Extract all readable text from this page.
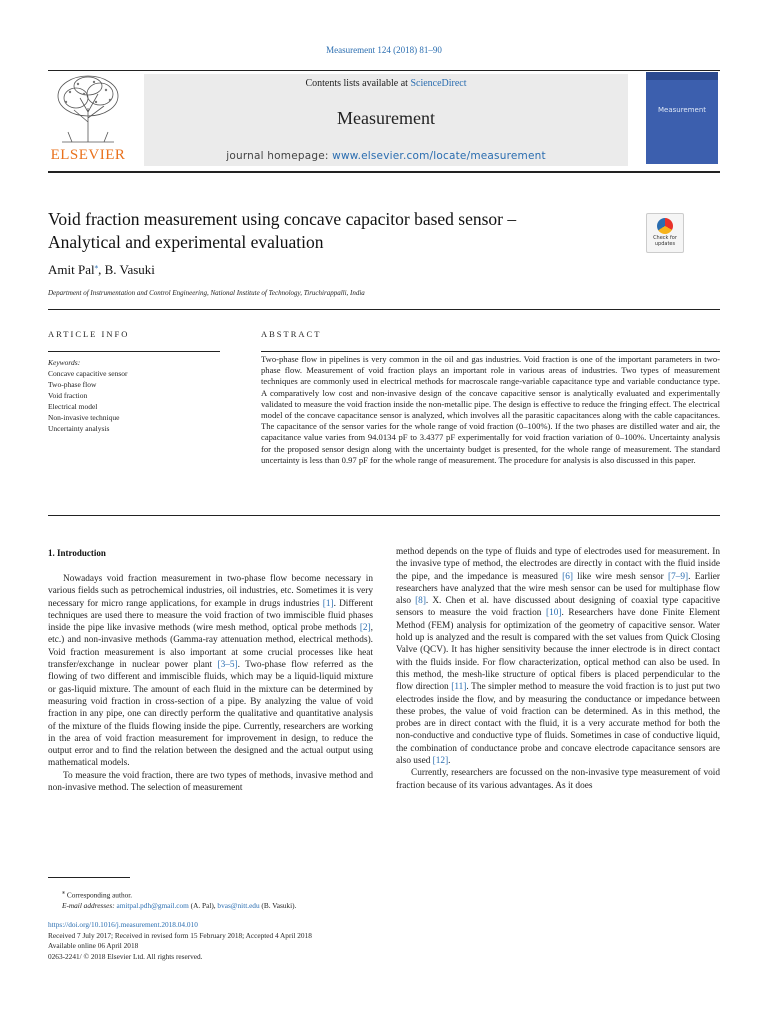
Measurement 124 (2018) 81–90
ELSEVIER
Contents lists available at ScienceDirect
Measurement
journal homepage: www.elsevier.com/locate/measurement
Measurement
Void fraction measurement using concave capacitor based sensor –
Analytical and experimental evaluation	Check for updates
Amit Pal⁎, B. Vasuki
Department of Instrumentation and Control Engineering, National Institute of Technology, Tiruchirappalli, India
ARTICLE INFO	ABSTRACT
Keywords:
Concave capacitive sensor
Two-phase flow
Void fraction
Electrical model
Non-invasive technique
Uncertainty analysis
Two-phase flow in pipelines is very common in the oil and gas industries. Void fraction is one of the important parameters in two-phase flow. Measurement of void fraction plays an important role in various areas of industries. Two types of measurement techniques are commonly used in electrical methods for macroscale range-variable capacitance type and variable conductance type. A comparatively low cost and non-invasive design of the concave capacitive sensor is analytically evaluated and experimentally validated to measure the void fraction inside the non-metallic pipe. The design is effective to reduce the fringing effect. The electrical model of the concave capacitance sensor is analyzed, which involves all the parasitic capacitances along with the cable capacitances. The capacitance of the sensor varies for the whole range of void fraction (0–100%). If the two phases are distilled water and air, the capacitance value varies from 94.0134 pF to 3.4377 pF experimentally for void fraction variation of 0–100%. Uncertainty analysis for the proposed sensor design along with the uncertainty budget is presented, for the whole range of measurement. The standard uncertainty is less than 0.97 pF for the whole range of measurement. The procedure for analysis is also discussed in this paper.
1. Introduction

Nowadays void fraction measurement in two-phase flow become necessary in various fields such as petrochemical industries, oil industries, etc. Sometimes it is very necessary for micro range applications, for example in drugs industries [1]. Different techniques are used there to measure the void fraction of two immiscible fluid phases inside the pipe like invasive methods (wire mesh method, optical probe methods [2], etc.) and non-invasive methods (Gamma-ray attenuation method, electrical methods). Void fraction measurement is also important at some crucial processes like heat transfer/exchange in nuclear power plant [3–5]. Two-phase flow referred as the flowing of two different and immiscible fluids, which may be a liquid-liquid mixture or gas-liquid mixture. The amount of each fluid in the mixture can be determined by measuring void fraction in cross-section of a pipe. By analyzing the value of void fraction in any pipe, one can directly perform the qualitative and quantitative analysis of the mixture of the fluids flowing inside the pipe. Currently, researchers are working in the area of void fraction measurement for improvement in design, to reduce the output error and to find the relation between the designed and the actual output using mathematical models.

To measure the void fraction, there are two types of methods, invasive method and non-invasive method. The selection of measurement

method depends on the type of fluids and type of electrodes used for measurement. In the invasive type of method, the electrodes are directly in contact with the fluid inside the pipe, and the impedance is measured [6] like wire mesh sensor [7–9]. Earlier researchers have analyzed that the wire mesh sensor can be used for multiphase flow also [8]. X. Chen et al. have discussed about designing of coaxial type capacitive sensors to measure the void fraction [10]. Researchers have done Finite Element Method (FEM) analysis for optimization of the geometry of capacitive sensor. Water hold up is analyzed and the result is compared with the set values from Quick Closing Valve (QCV). It has higher sensitivity because the inner electrode is in direct contact with the fluids inside. For flow characterization, optical method can also be used. In this method, the mesh-like structure of optical fibers is placed perpendicular to the flow direction [11]. The simpler method to measure the void fraction is to just put two electrodes inside the flow, and by measuring the conductance or impedance between these probes, the value of void fraction can be determined. As in this method, the probes are in direct contact with the fluid, it is a very accurate method for both the non-conductive and conductive type of fluids. Sometimes in case of conductive liquid, the combination of conductance probe and concave electrode capacitance sensors are also used [12].

Currently, researchers are focussed on the non-invasive type measurement of void fraction because of its various advantages. As it does

⁎ Corresponding author.
E-mail addresses: amitpal.pdh@gmail.com (A. Pal), bvas@nitt.edu (B. Vasuki).
https://doi.org/10.1016/j.measurement.2018.04.010
Received 7 July 2017; Received in revised form 15 February 2018; Accepted 4 April 2018
Available online 06 April 2018
0263-2241/ © 2018 Elsevier Ltd. All rights reserved.
